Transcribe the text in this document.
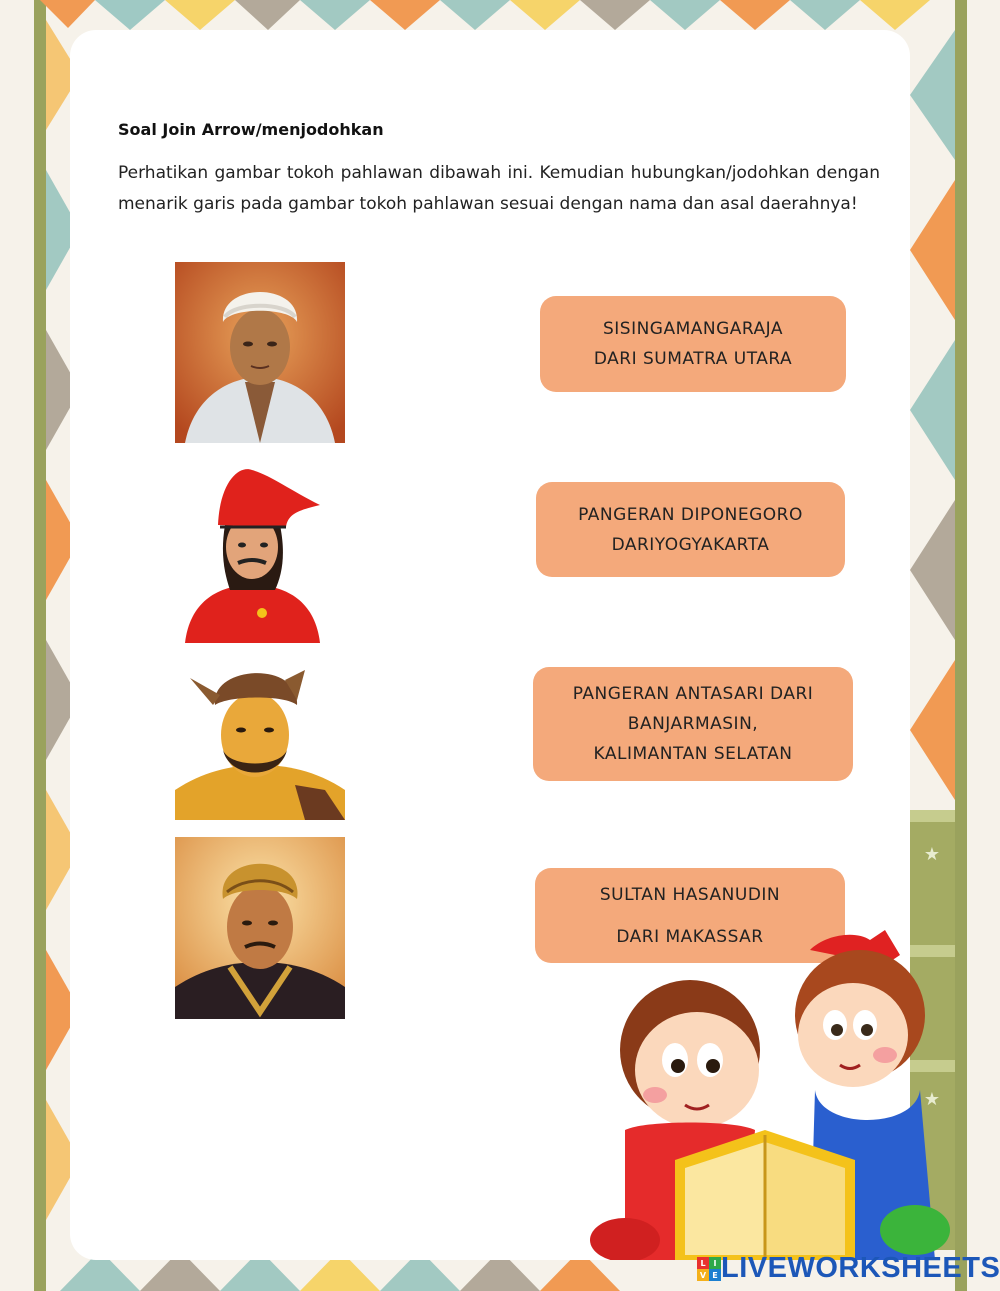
★
★
Soal Join Arrow/menjodohkan
Perhatikan gambar tokoh pahlawan dibawah ini. Kemudian hubungkan/jodohkan dengan menarik garis pada gambar tokoh pahlawan sesuai dengan nama dan asal daerahnya!
SISINGAMANGARAJA
DARI SUMATRA UTARA
PANGERAN DIPONEGORO
DARIYOGYAKARTA
PANGERAN ANTASARI DARI
BANJARMASIN,
KALIMANTAN SELATAN
SULTAN HASANUDIN
DARI MAKASSAR
L I
V E LIVEWORKSHEETS
